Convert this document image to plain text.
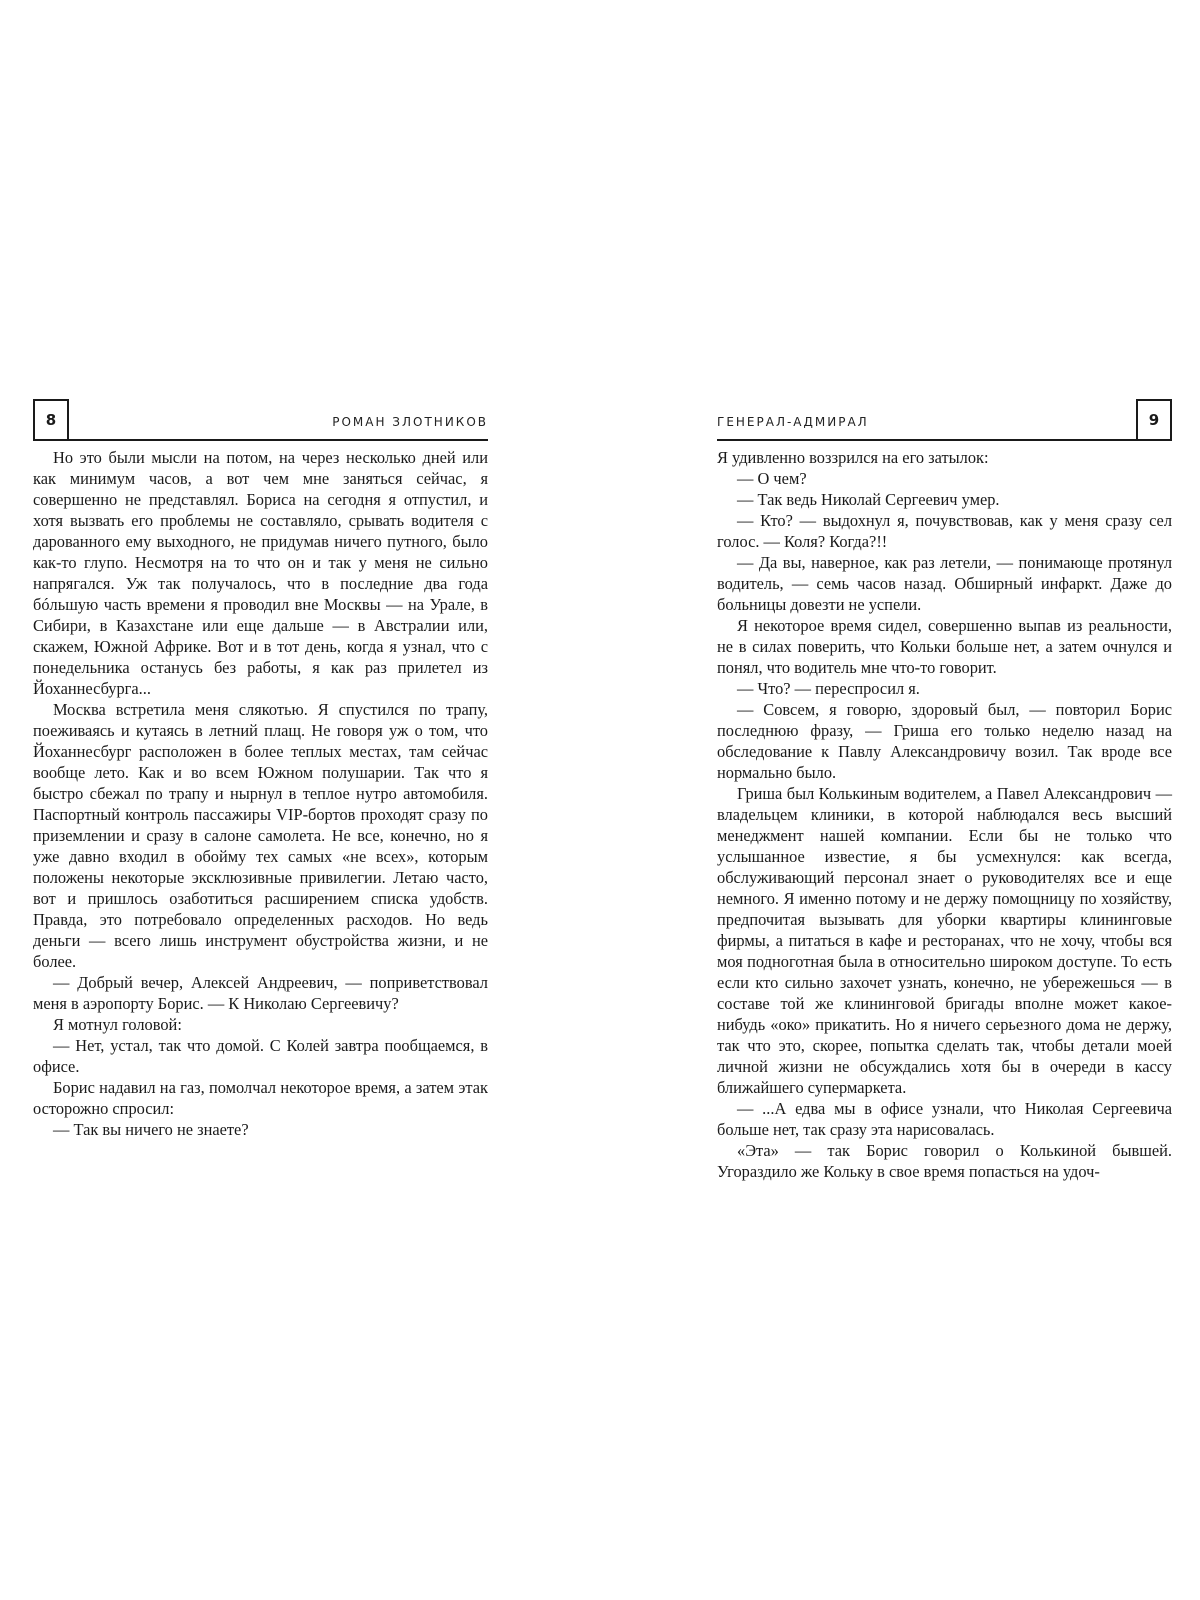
8	РОМАН ЗЛОТНИКОВ

Но это были мысли на потом, на через несколько дней или как минимум часов, а вот чем мне заняться сейчас, я совершенно не представлял. Бориса на сегодня я отпустил, и хотя вызвать его проблемы не составляло, срывать водителя с дарованного ему выходного, не придумав ничего путного, было как-то глупо. Несмотря на то что он и так у меня не сильно напрягался. Уж так получалось, что в последние два года бóльшую часть времени я проводил вне Москвы — на Урале, в Сибири, в Казахстане или еще дальше — в Австралии или, скажем, Южной Африке. Вот и в тот день, когда я узнал, что с понедельника останусь без работы, я как раз прилетел из Йоханнесбурга...

Москва встретила меня слякотью. Я спустился по трапу, поеживаясь и кутаясь в летний плащ. Не говоря уж о том, что Йоханнесбург расположен в более теплых местах, там сейчас вообще лето. Как и во всем Южном полушарии. Так что я быстро сбежал по трапу и нырнул в теплое нутро автомобиля. Паспортный контроль пассажиры VIP-бортов проходят сразу по приземлении и сразу в салоне самолета. Не все, конечно, но я уже давно входил в обойму тех самых «не всех», которым положены некоторые эксклюзивные привилегии. Летаю часто, вот и пришлось озаботиться расширением списка удобств. Правда, это потребовало определенных расходов. Но ведь деньги — всего лишь инструмент обустройства жизни, и не более.

— Добрый вечер, Алексей Андреевич, — поприветствовал меня в аэропорту Борис. — К Николаю Сергеевичу?

Я мотнул головой:

— Нет, устал, так что домой. С Колей завтра пообщаемся, в офисе.

Борис надавил на газ, помолчал некоторое время, а затем этак осторожно спросил:

— Так вы ничего не знаете?

ГЕНЕРАЛ-АДМИРАЛ	9

Я удивленно воззрился на его затылок:

— О чем?

— Так ведь Николай Сергеевич умер.

— Кто? — выдохнул я, почувствовав, как у меня сразу сел голос. — Коля? Когда?!!

— Да вы, наверное, как раз летели, — понимающе протянул водитель, — семь часов назад. Обширный инфаркт. Даже до больницы довезти не успели.

Я некоторое время сидел, совершенно выпав из реальности, не в силах поверить, что Кольки больше нет, а затем очнулся и понял, что водитель мне что-то говорит.

— Что? — переспросил я.

— Совсем, я говорю, здоровый был, — повторил Борис последнюю фразу, — Гриша его только неделю назад на обследование к Павлу Александровичу возил. Так вроде все нормально было.

Гриша был Колькиным водителем, а Павел Александрович — владельцем клиники, в которой наблюдался весь высший менеджмент нашей компании. Если бы не только что услышанное известие, я бы усмехнулся: как всегда, обслуживающий персонал знает о руководителях все и еще немного. Я именно потому и не держу помощницу по хозяйству, предпочитая вызывать для уборки квартиры клининговые фирмы, а питаться в кафе и ресторанах, что не хочу, чтобы вся моя подноготная была в относительно широком доступе. То есть если кто сильно захочет узнать, конечно, не убережешься — в составе той же клининговой бригады вполне может какое-нибудь «око» прикатить. Но я ничего серьезного дома не держу, так что это, скорее, попытка сделать так, чтобы детали моей личной жизни не обсуждались хотя бы в очереди в кассу ближайшего супермаркета.

— ...А едва мы в офисе узнали, что Николая Сергеевича больше нет, так сразу эта нарисовалась.

«Эта» — так Борис говорил о Колькиной бывшей. Угораздило же Кольку в свое время попасться на удоч-
